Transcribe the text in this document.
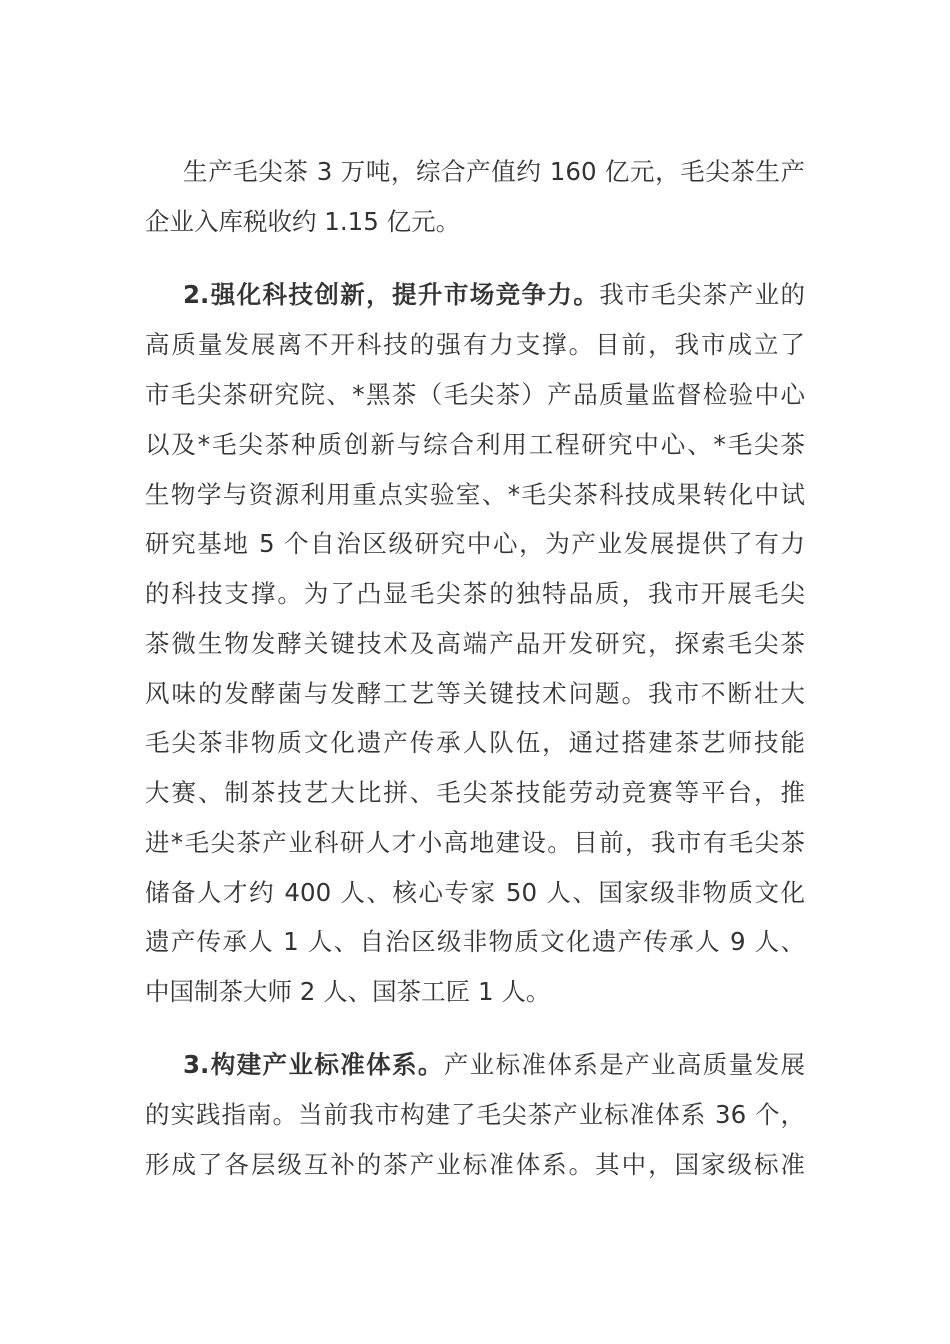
生产毛尖茶 3 万吨，综合产值约 160 亿元，毛尖茶生产
企业入库税收约 1.15 亿元。
2.强化科技创新，提升市场竞争力。我市毛尖茶产业的
高质量发展离不开科技的强有力支撑。目前，我市成立了
市毛尖茶研究院、*黑茶（毛尖茶）产品质量监督检验中心
以及*毛尖茶种质创新与综合利用工程研究中心、*毛尖茶
生物学与资源利用重点实验室、*毛尖茶科技成果转化中试
研究基地 5 个自治区级研究中心，为产业发展提供了有力
的科技支撑。为了凸显毛尖茶的独特品质，我市开展毛尖
茶微生物发酵关键技术及高端产品开发研究，探索毛尖茶
风味的发酵菌与发酵工艺等关键技术问题。我市不断壮大
毛尖茶非物质文化遗产传承人队伍，通过搭建茶艺师技能
大赛、制茶技艺大比拼、毛尖茶技能劳动竞赛等平台，推
进*毛尖茶产业科研人才小高地建设。目前，我市有毛尖茶
储备人才约 400 人、核心专家 50 人、国家级非物质文化
遗产传承人 1 人、自治区级非物质文化遗产传承人 9 人、
中国制茶大师 2 人、国茶工匠 1 人。
3.构建产业标准体系。产业标准体系是产业高质量发展
的实践指南。当前我市构建了毛尖茶产业标准体系 36 个，
形成了各层级互补的茶产业标准体系。其中，国家级标准
